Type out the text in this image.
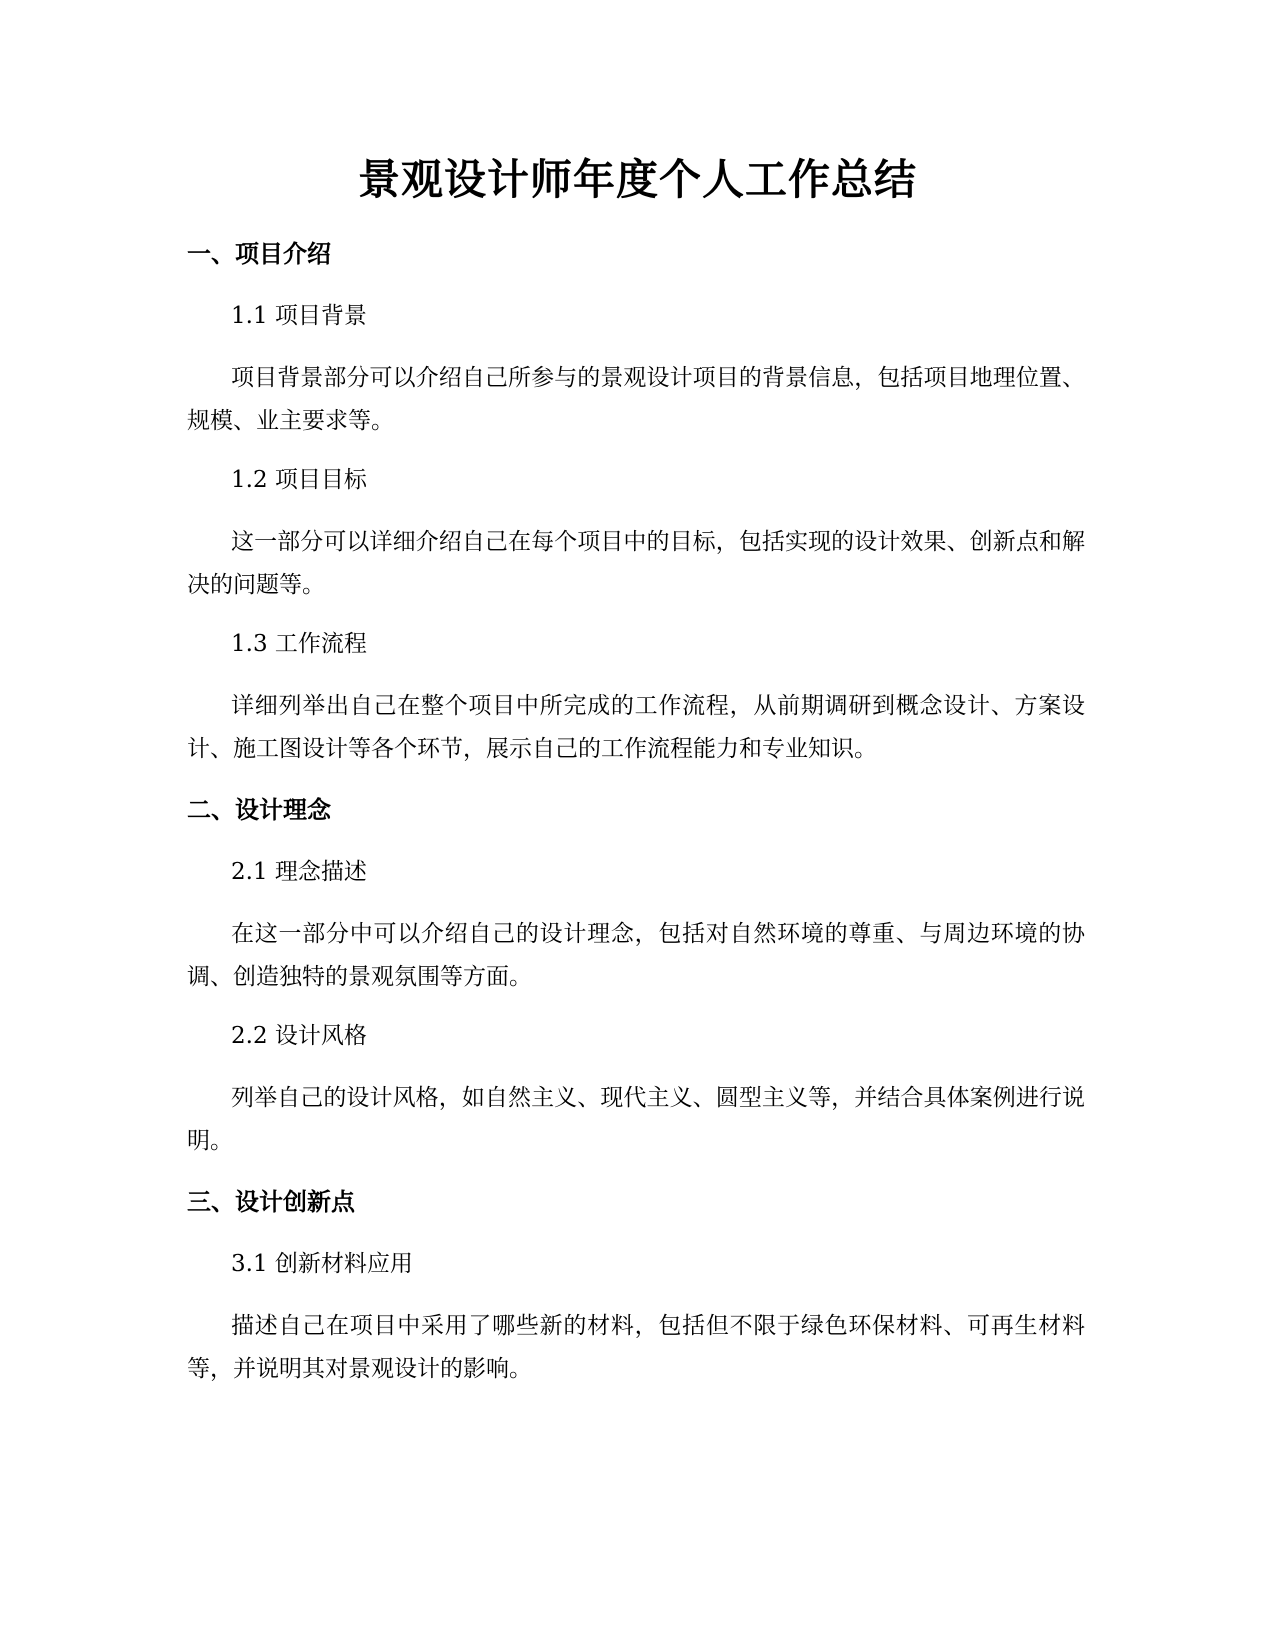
景观设计师年度个人工作总结
一、项目介绍
1.1 项目背景

项目背景部分可以介绍自己所参与的景观设计项目的背景信息，包括项目地理位置、规模、业主要求等。

1.2 项目目标

这一部分可以详细介绍自己在每个项目中的目标，包括实现的设计效果、创新点和解决的问题等。

1.3 工作流程

详细列举出自己在整个项目中所完成的工作流程，从前期调研到概念设计、方案设计、施工图设计等各个环节，展示自己的工作流程能力和专业知识。

二、设计理念
2.1 理念描述

在这一部分中可以介绍自己的设计理念，包括对自然环境的尊重、与周边环境的协调、创造独特的景观氛围等方面。

2.2 设计风格

列举自己的设计风格，如自然主义、现代主义、圆型主义等，并结合具体案例进行说明。

三、设计创新点
3.1 创新材料应用

描述自己在项目中采用了哪些新的材料，包括但不限于绿色环保材料、可再生材料等，并说明其对景观设计的影响。
